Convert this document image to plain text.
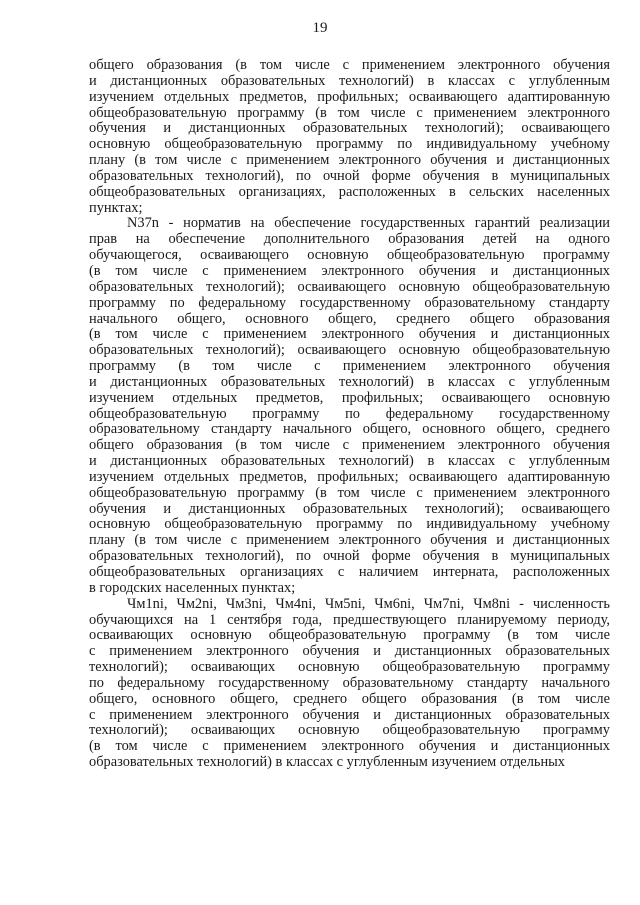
19
общего образования (в том числе с применением электронного обучения
и дистанционных образовательных технологий) в классах с углубленным
изучением отдельных предметов, профильных; осваивающего адаптированную
общеобразовательную программу (в том числе с применением электронного
обучения и дистанционных образовательных технологий); осваивающего
основную общеобразовательную программу по индивидуальному учебному
плану (в том числе с применением электронного обучения и дистанционных
образовательных технологий), по очной форме обучения в муниципальных
общеобразовательных организациях, расположенных в сельских населенных
пунктах;
N37n - норматив на обеспечение государственных гарантий реализации
прав на обеспечение дополнительного образования детей на одного
обучающегося, осваивающего основную общеобразовательную программу
(в том числе с применением электронного обучения и дистанционных
образовательных технологий); осваивающего основную общеобразовательную
программу по федеральному государственному образовательному стандарту
начального общего, основного общего, среднего общего образования
(в том числе с применением электронного обучения и дистанционных
образовательных технологий); осваивающего основную общеобразовательную
программу (в том числе с применением электронного обучения
и дистанционных образовательных технологий) в классах с углубленным
изучением отдельных предметов, профильных; осваивающего основную
общеобразовательную программу по федеральному государственному
образовательному стандарту начального общего, основного общего, среднего
общего образования (в том числе с применением электронного обучения
и дистанционных образовательных технологий) в классах с углубленным
изучением отдельных предметов, профильных; осваивающего адаптированную
общеобразовательную программу (в том числе с применением электронного
обучения и дистанционных образовательных технологий); осваивающего
основную общеобразовательную программу по индивидуальному учебному
плану (в том числе с применением электронного обучения и дистанционных
образовательных технологий), по очной форме обучения в муниципальных
общеобразовательных организациях с наличием интерната, расположенных
в городских населенных пунктах;
Чм1ni, Чм2ni, Чм3ni, Чм4ni, Чм5ni, Чм6ni, Чм7ni, Чм8ni - численность
обучающихся на 1 сентября года, предшествующего планируемому периоду,
осваивающих основную общеобразовательную программу (в том числе
с применением электронного обучения и дистанционных образовательных
технологий); осваивающих основную общеобразовательную программу
по федеральному государственному образовательному стандарту начального
общего, основного общего, среднего общего образования (в том числе
с применением электронного обучения и дистанционных образовательных
технологий); осваивающих основную общеобразовательную программу
(в том числе с применением электронного обучения и дистанционных
образовательных технологий) в классах с углубленным изучением отдельных
